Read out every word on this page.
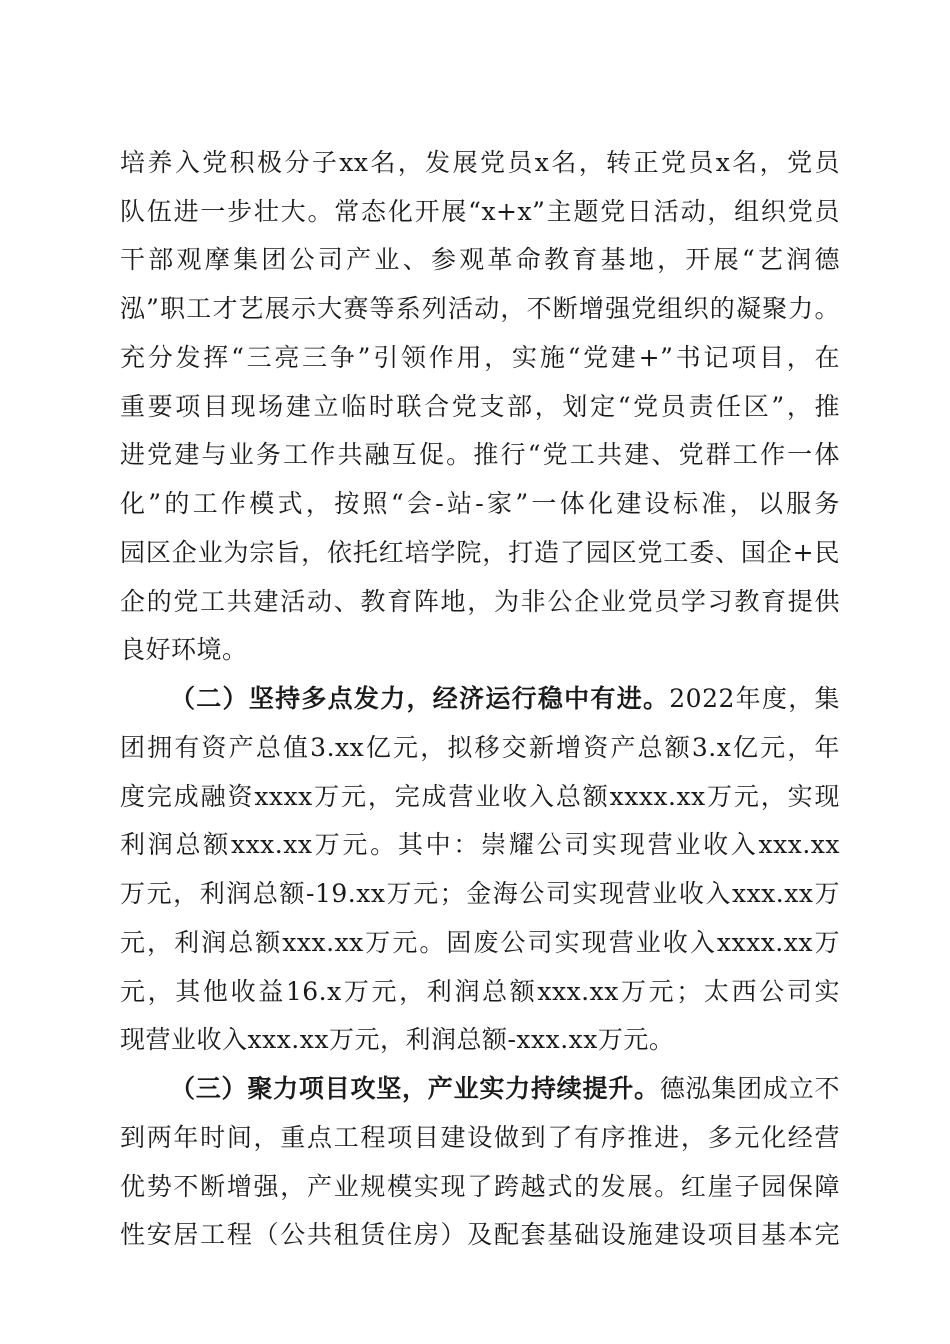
培养入党积极分子xx名，发展党员x名，转正党员x名，党员
队伍进一步壮大。常态化开展“x+x”主题党日活动，组织党员
干部观摩集团公司产业、参观革命教育基地，开展“艺润德
泓”职工才艺展示大赛等系列活动，不断增强党组织的凝聚力。
充分发挥“三亮三争”引领作用，实施“党建+”书记项目，在
重要项目现场建立临时联合党支部，划定“党员责任区”，推
进党建与业务工作共融互促。推行“党工共建、党群工作一体
化”的工作模式，按照“会-站-家”一体化建设标准，以服务
园区企业为宗旨，依托红培学院，打造了园区党工委、国企+民
企的党工共建活动、教育阵地，为非公企业党员学习教育提供
良好环境。
（二）坚持多点发力，经济运行稳中有进。2022年度，集
团拥有资产总值3.xx亿元，拟移交新增资产总额3.x亿元，年
度完成融资xxxx万元，完成营业收入总额xxxx.xx万元，实现
利润总额xxx.xx万元。其中：崇耀公司实现营业收入xxx.xx
万元，利润总额-19.xx万元；金海公司实现营业收入xxx.xx万
元，利润总额xxx.xx万元。固废公司实现营业收入xxxx.xx万
元，其他收益16.x万元，利润总额xxx.xx万元；太西公司实
现营业收入xxx.xx万元，利润总额-xxx.xx万元。
（三）聚力项目攻坚，产业实力持续提升。德泓集团成立不
到两年时间，重点工程项目建设做到了有序推进，多元化经营
优势不断增强，产业规模实现了跨越式的发展。红崖子园保障
性安居工程（公共租赁住房）及配套基础设施建设项目基本完
